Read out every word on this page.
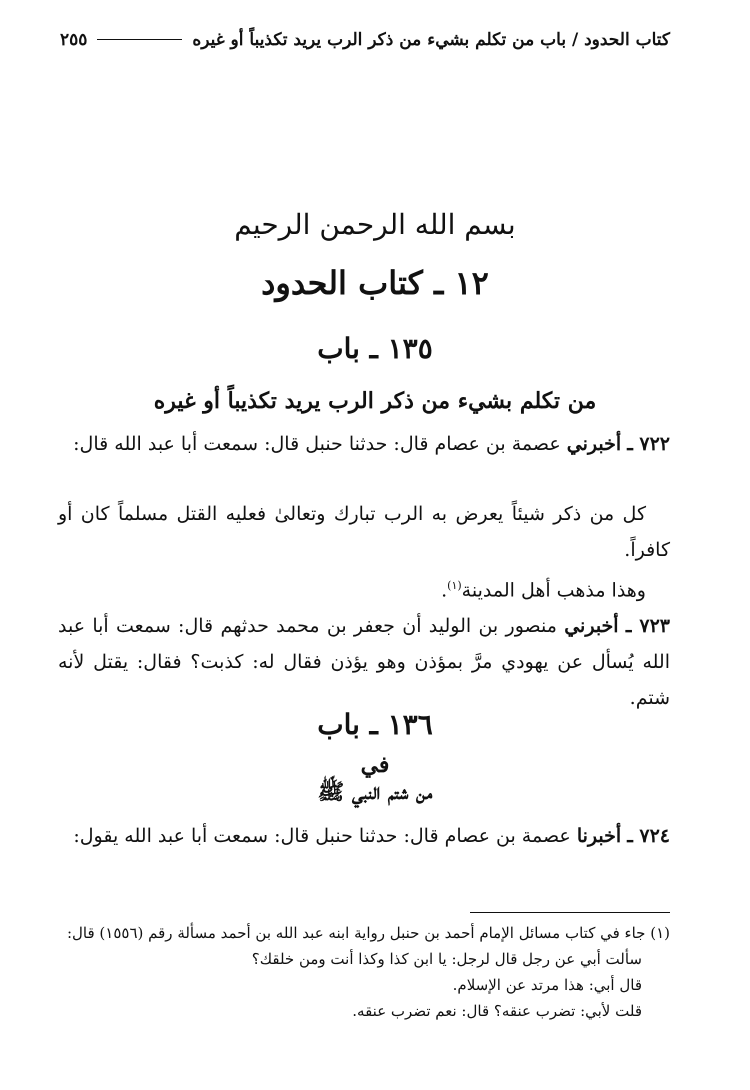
كتاب الحدود / باب من تكلم بشيء من ذكر الرب يريد تكذيباً أو غيره
٢٥٥
بسم الله الرحمن الرحيم
١٢ ـ كتاب الحدود
١٣٥ ـ باب
من تكلم بشيء من ذكر الرب يريد تكذيباً أو غيره
٧٢٢ ـ أخبرني عصمة بن عصام قال: حدثنا حنبل قال: سمعت أبا عبد الله قال:
كل من ذكر شيئاً يعرض به الرب تبارك وتعالىٰ فعليه القتل مسلماً كان أو كافراً.
وهذا مذهب أهل المدينة$^{(١)}$.
٧٢٣ ـ أخبرني منصور بن الوليد أن جعفر بن محمد حدثهم قال: سمعت أبا عبد الله يُسأل عن يهودي مرَّ بمؤذن وهو يؤذن فقال له: كذبت؟ فقال: يقتل لأنه شتم.
١٣٦ ـ باب
في
من شتم النبي ﷺ
٧٢٤ ـ أخبرنا عصمة بن عصام قال: حدثنا حنبل قال: سمعت أبا عبد الله يقول:
(١) جاء في كتاب مسائل الإمام أحمد بن حنبل رواية ابنه عبد الله بن أحمد مسألة رقم (١٥٥٦) قال:
سألت أبي عن رجل قال لرجل: يا ابن كذا وكذا أنت ومن خلقك؟
قال أبي: هذا مرتد عن الإسلام.
قلت لأبي: تضرب عنقه؟ قال: نعم تضرب عنقه.
